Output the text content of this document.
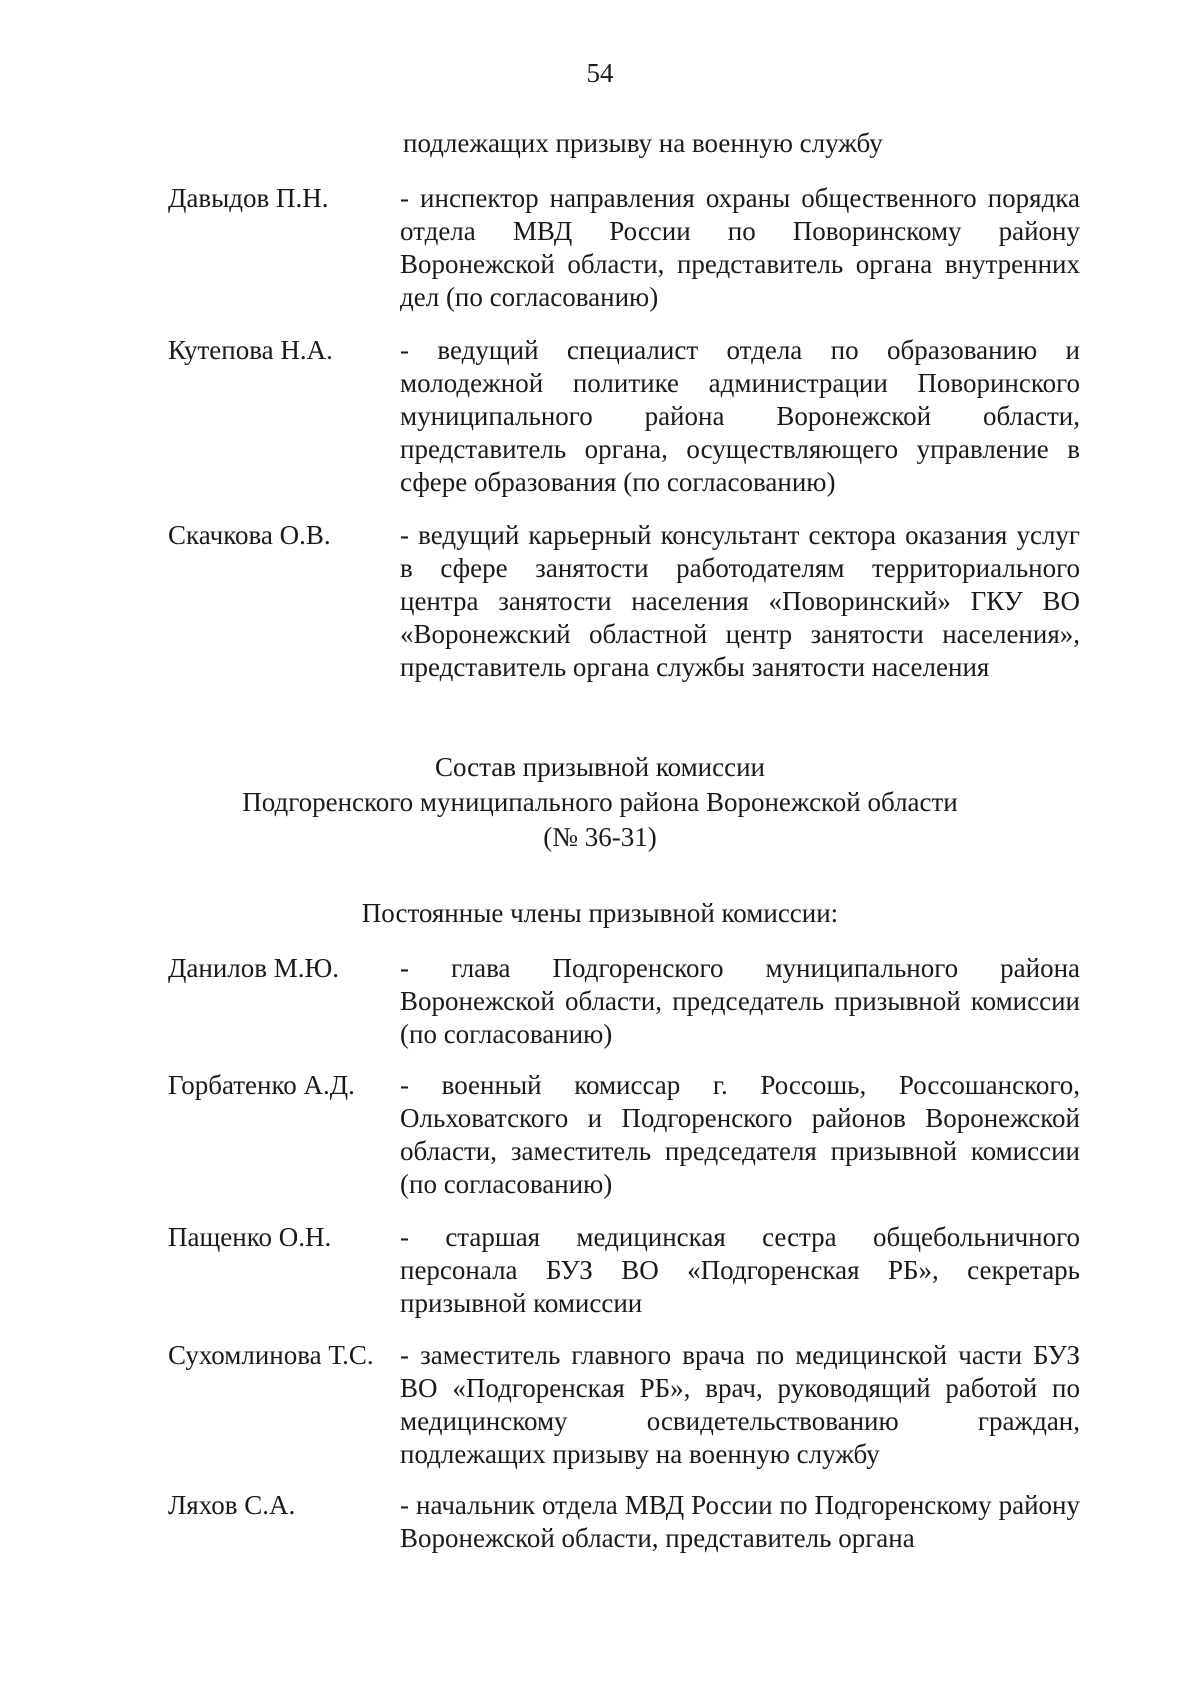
54
подлежащих призыву на военную службу
Давыдов П.Н.	- инспектор направления охраны общественного порядка отдела МВД России по Поворинскому району Воронежской области, представитель органа внутренних дел (по согласованию)
Кутепова Н.А. - ведущий специалист отдела по образованию и молодежной политике администрации Поворинского муниципального района Воронежской области, представитель органа, осуществляющего управление в сфере образования (по согласованию)
Скачкова О.В.	- ведущий карьерный консультант сектора оказания услуг в сфере занятости работодателям территориального центра занятости населения «Поворинский» ГКУ ВО «Воронежский областной центр занятости населения», представитель органа службы занятости населения
Состав призывной комиссии
Подгоренского муниципального района Воронежской области
(№ 36-31)
Постоянные члены призывной комиссии:
Данилов М.Ю. - глава Подгоренского муниципального района Воронежской области, председатель призывной комиссии (по согласованию)
Горбатенко А.Д. - военный комиссар г. Россошь, Россошанского, Ольховатского и Подгоренского районов Воронежской области, заместитель председателя призывной комиссии (по согласованию)
Пащенко О.Н.	- старшая медицинская сестра общебольничного персонала БУЗ ВО «Подгоренская РБ», секретарь призывной комиссии
Сухомлинова Т.С. - заместитель главного врача по медицинской части БУЗ ВО «Подгоренская РБ», врач, руководящий работой по медицинскому освидетельствованию граждан, подлежащих призыву на военную службу
Ляхов С.А.	- начальник отдела МВД России по Подгоренскому району Воронежской области, представитель органа
